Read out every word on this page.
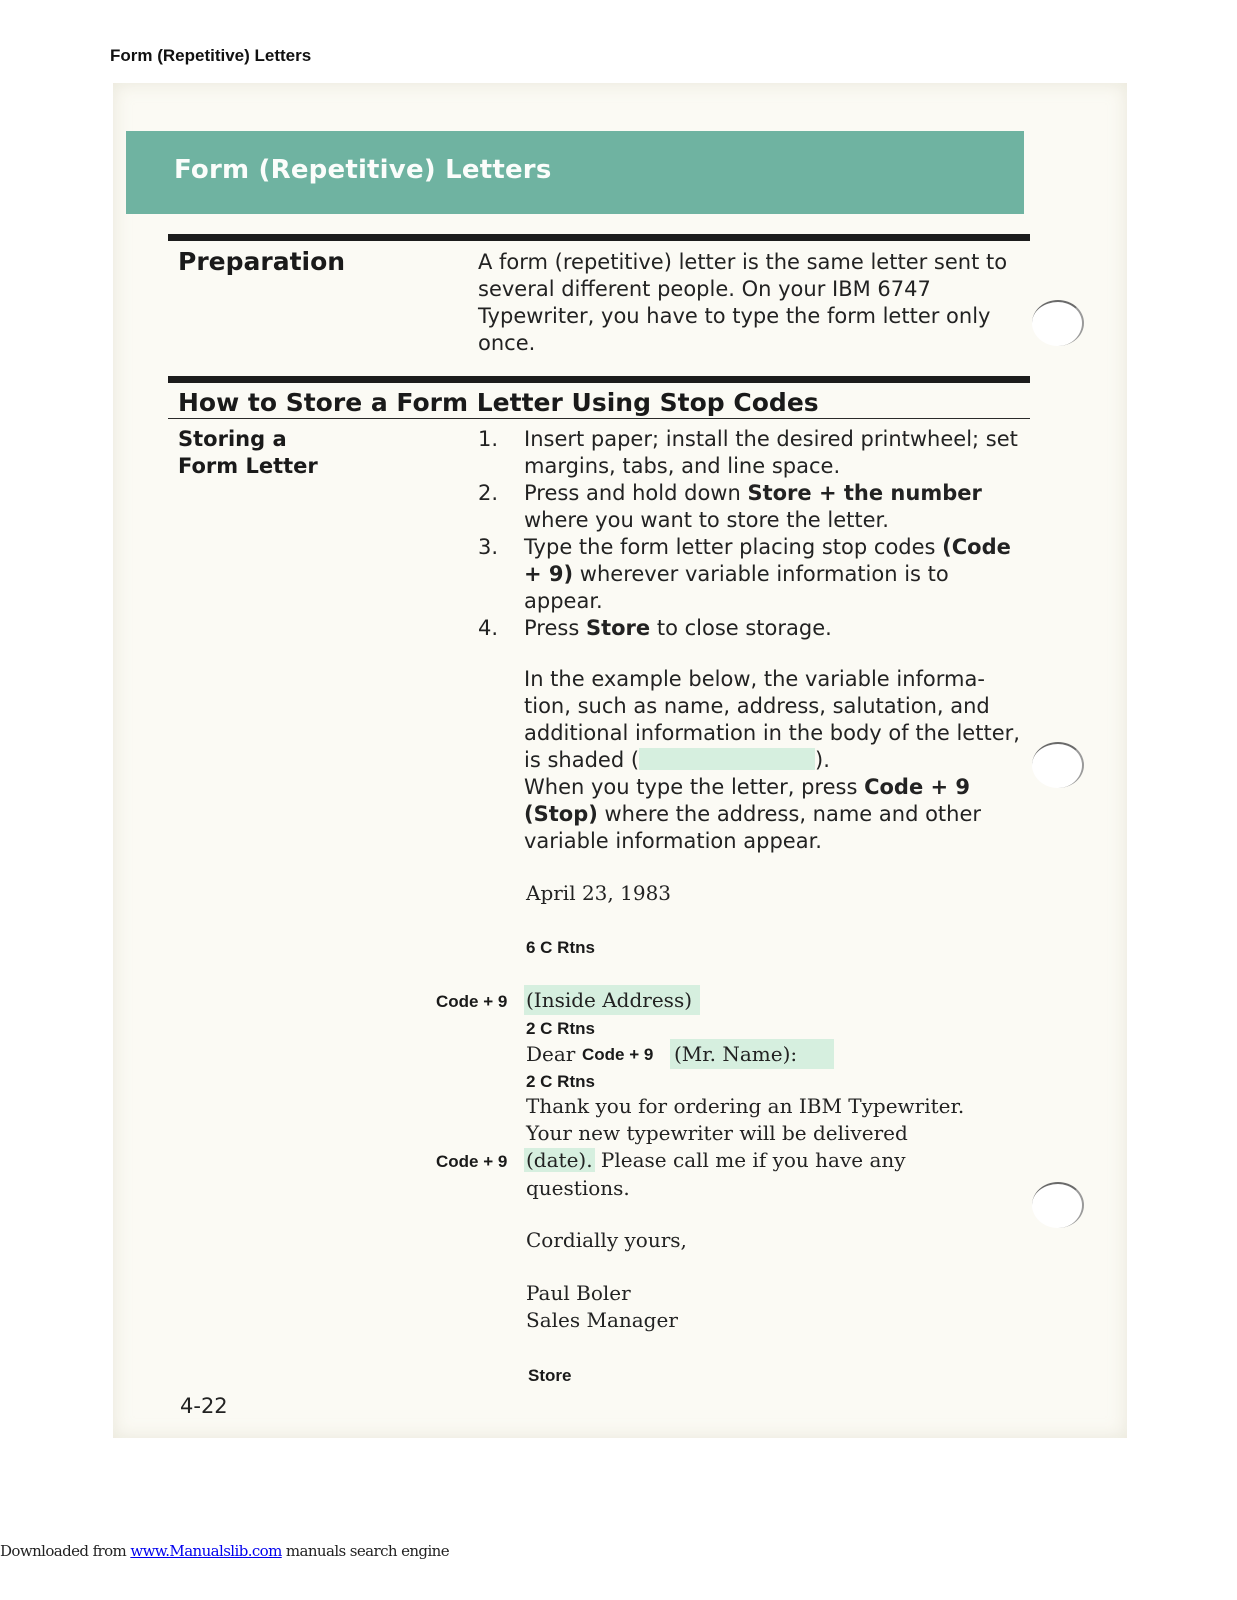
Form (Repetitive) Letters
Form (Repetitive) Letters
Preparation	A form (repetitive) letter is the same letter sent to several different people. On your IBM 6747 Typewriter, you have to type the form letter only once.
How to Store a Form Letter Using Stop Codes
Storing a
Form Letter
1. Insert paper; install the desired printwheel; set margins, tabs, and line space.
2. Press and hold down Store + the number where you want to store the letter.
3. Type the form letter placing stop codes (Code + 9) wherever variable information is to appear.
4. Press Store to close storage.
In the example below, the variable informa-tion, such as name, address, salutation, and additional information in the body of the letter, is shaded (	).
When you type the letter, press Code + 9 (Stop) where the address, name and other variable information appear.
April 23, 1983
6 C Rtns
Code + 9 (Inside Address)
2 C Rtns
Dear Code + 9 (Mr. Name):
2 C Rtns
Thank you for ordering an IBM Typewriter.
Your new typewriter will be delivered
Code + 9 (date). Please call me if you have any
questions.
Cordially yours,
Paul Boler
Sales Manager
Store
4-22
Downloaded from www.Manualslib.com manuals search engine
